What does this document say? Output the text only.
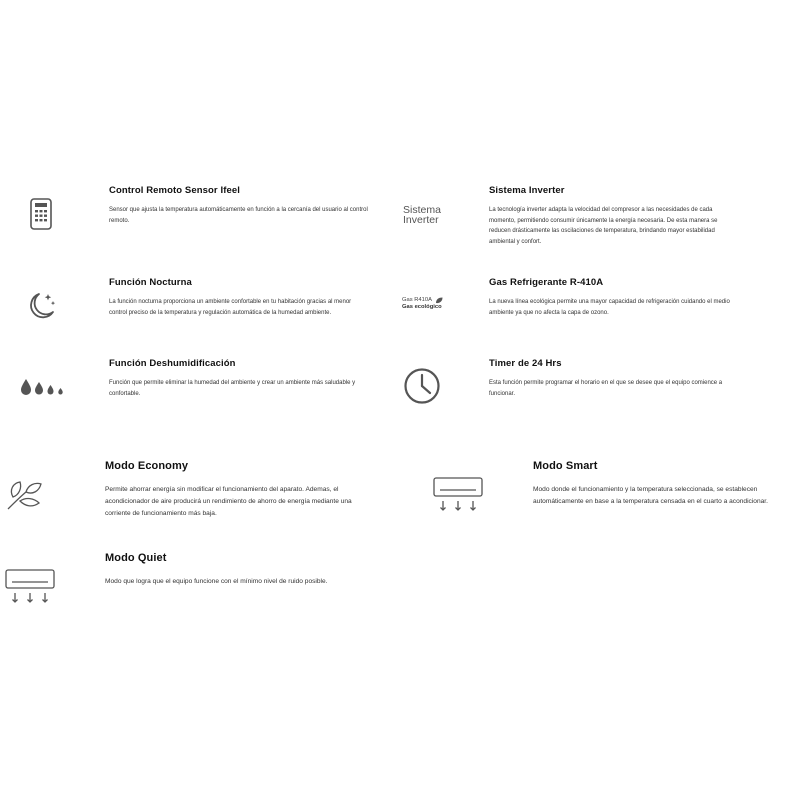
Control Remoto Sensor Ifeel

Sensor que ajusta la temperatura automáticamente en función a la cercanía del usuario al control remoto.

Sistema
Inverter
Sistema Inverter

La tecnología inverter adapta la velocidad del compresor a las necesidades de cada momento, permitiendo consumir únicamente la energía necesaria. De esta manera se reducen drásticamente las oscilaciones de temperatura, brindando mayor estabilidad ambiental y confort.

Función Nocturna

La función nocturna proporciona un ambiente confortable en tu habitación gracias al menor control preciso de la temperatura y regulación automática de la humedad ambiente.

Gas R410A
Gas ecológico
Gas Refrigerante R-410A

La nueva línea ecológica permite una mayor capacidad de refrigeración cuidando el medio ambiente ya que no afecta la capa de ozono.

Función Deshumidificación

Función que permite eliminar la humedad del ambiente y crear un ambiente más saludable y confortable.

Timer de 24 Hrs

Esta función permite programar el horario en el que se desee que el equipo comience a funcionar.

Modo Economy

Permite ahorrar energía sin modificar el funcionamiento del aparato. Ademas, el acondicionador de aire producirá un rendimiento de ahorro de energía mediante una corriente de funcionamiento más baja.

Modo Smart

Modo donde el funcionamiento y la temperatura seleccionada, se establecen automáticamente en base a la temperatura censada en el cuarto a acondicionar.

Modo Quiet

Modo que logra que el equipo funcione con el mínimo nivel de ruido posible.
